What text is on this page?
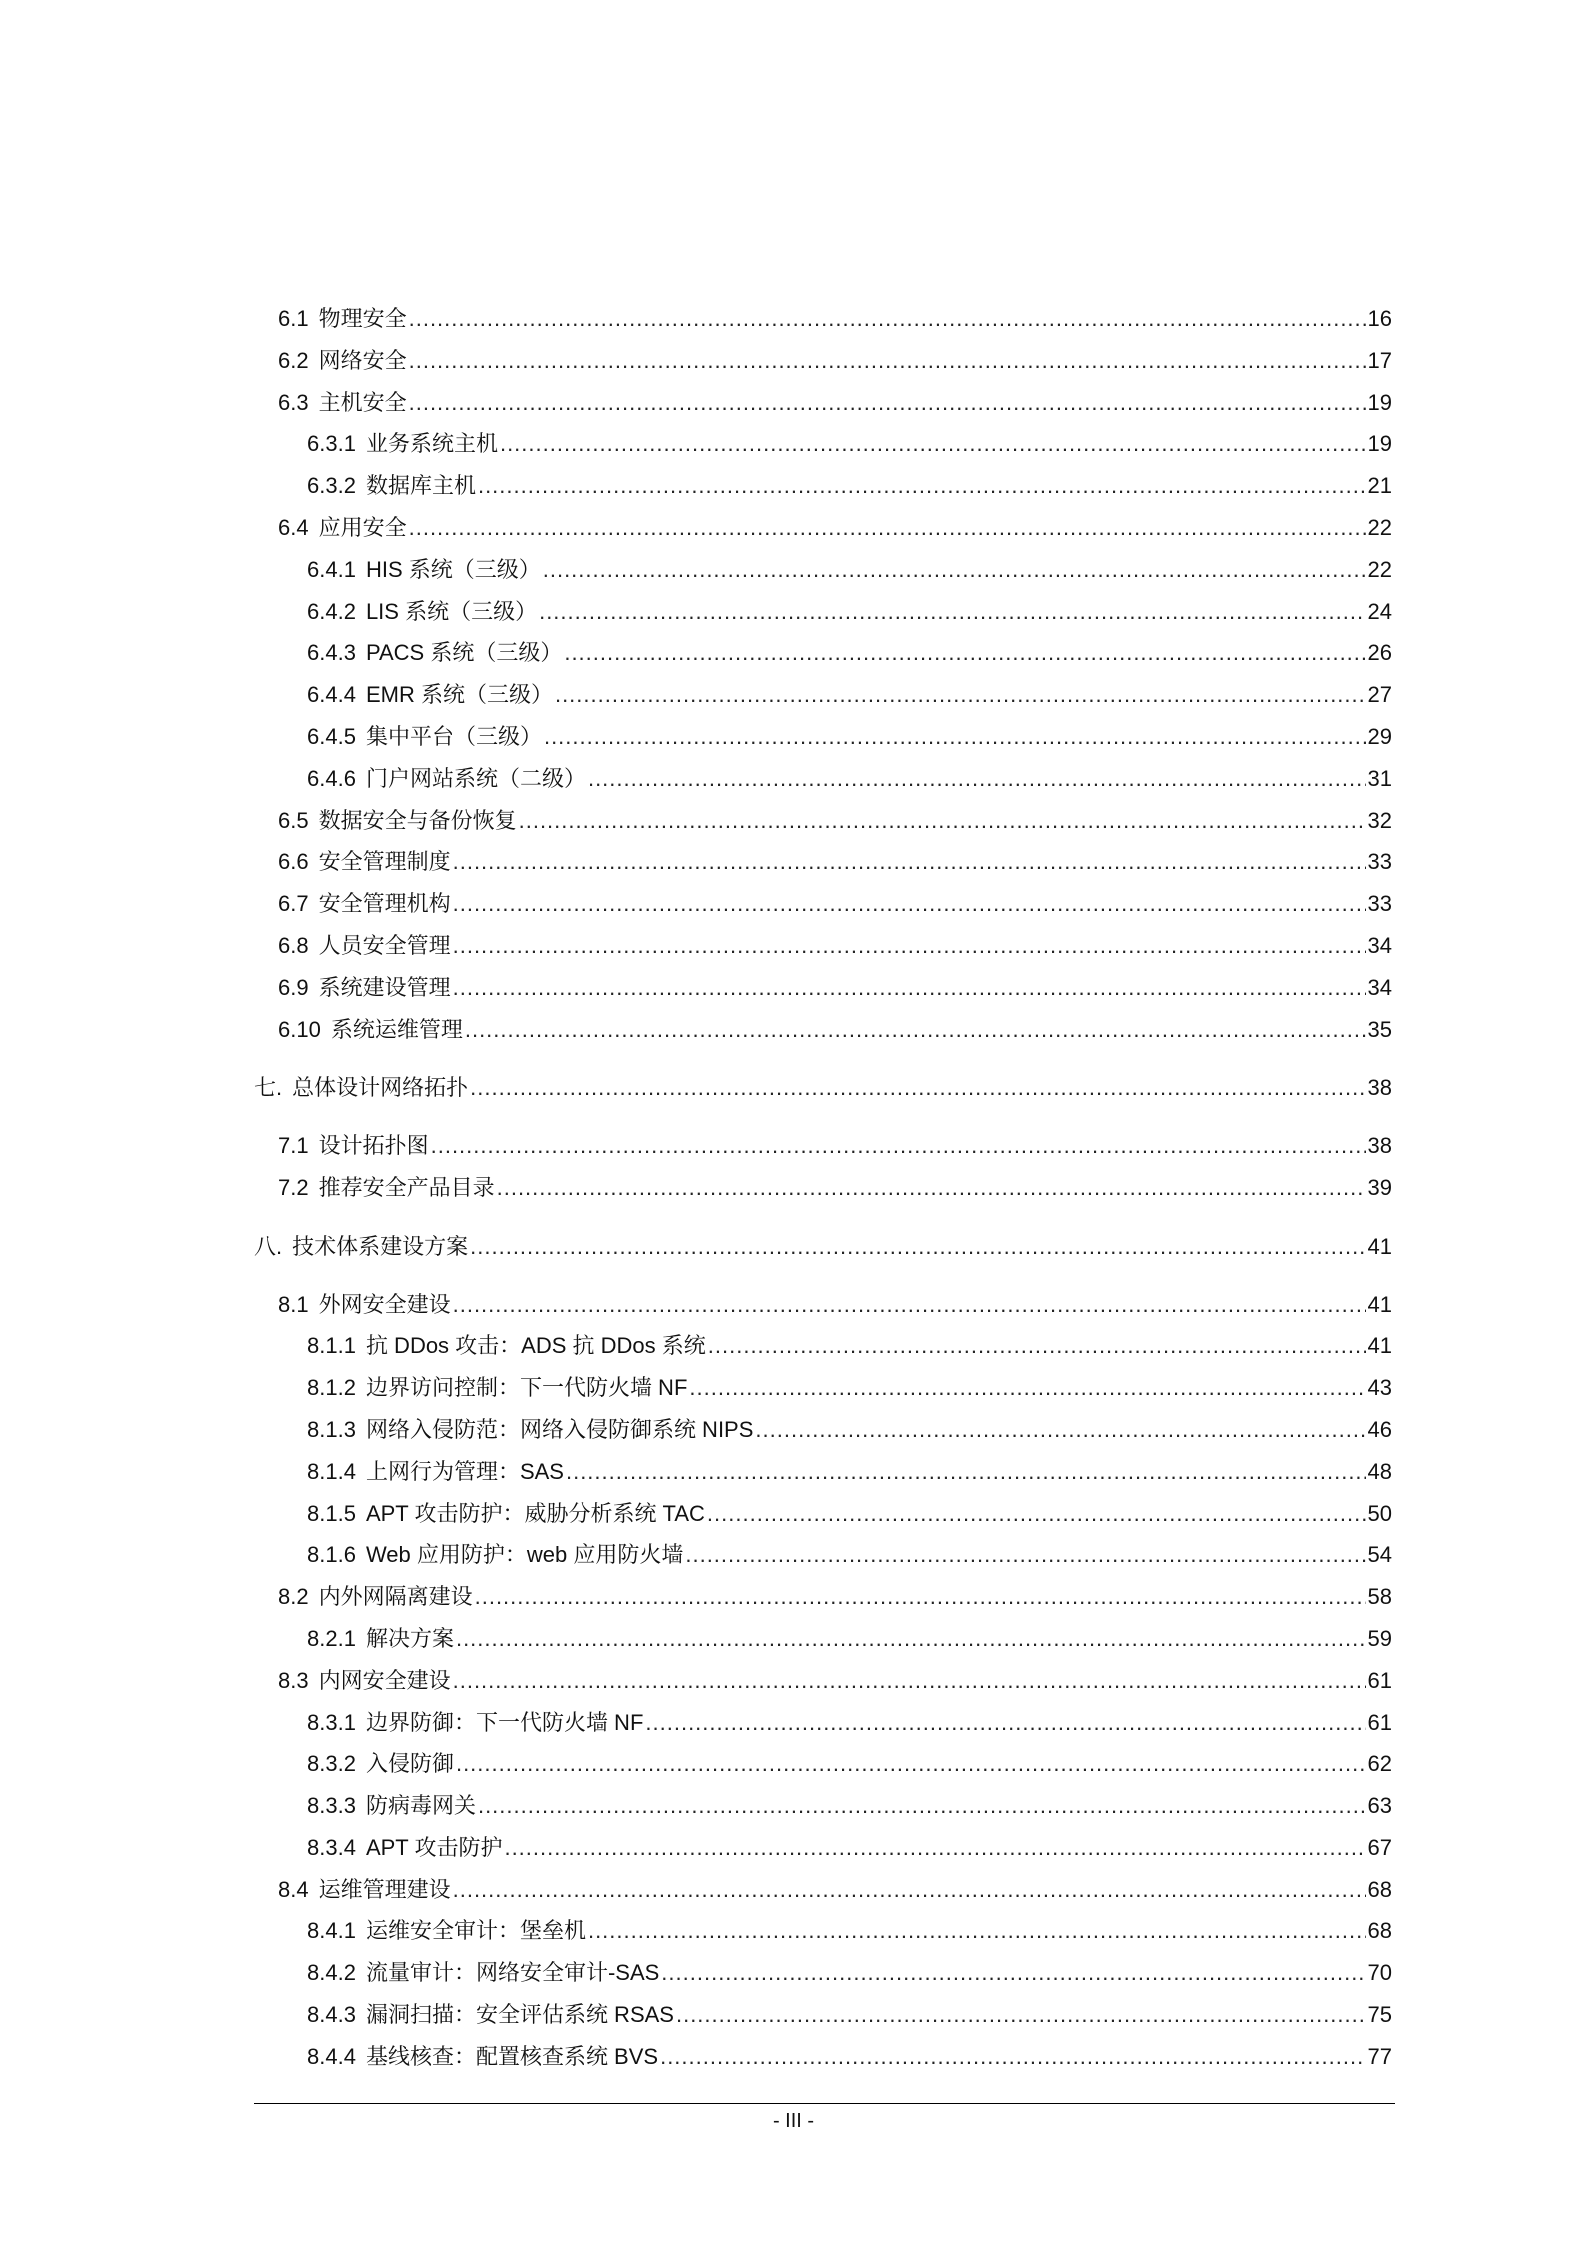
6.1 物理安全 .....	16
6.2 网络安全 .....	17
6.3 主机安全 .....	19
6.3.1 业务系统主机 .....	19
6.3.2 数据库主机 .....	21
6.4 应用安全 .....	22
6.4.1 HIS 系统（三级） .....	22
6.4.2 LIS 系统（三级） .....	24
6.4.3 PACS 系统（三级） .....	26
6.4.4 EMR 系统（三级） .....	27
6.4.5 集中平台（三级） .....	29
6.4.6 门户网站系统（二级） .....	31
6.5 数据安全与备份恢复 .....	32
6.6 安全管理制度 .....	33
6.7 安全管理机构 .....	33
6.8 人员安全管理 .....	34
6.9 系统建设管理 .....	34
6.10 系统运维管理 .....	35
七. 总体设计网络拓扑 .....	38
7.1 设计拓扑图 .....	38
7.2 推荐安全产品目录 .....	39
八. 技术体系建设方案 .....	41
8.1 外网安全建设 .....	41
8.1.1 抗 DDos 攻击：ADS 抗 DDos 系统 .....	41
8.1.2 边界访问控制：下一代防火墙 NF .....	43
8.1.3 网络入侵防范：网络入侵防御系统 NIPS .....	46
8.1.4 上网行为管理：SAS .....	48
8.1.5 APT 攻击防护：威胁分析系统 TAC .....	50
8.1.6 Web 应用防护：web 应用防火墙 .....	54
8.2 内外网隔离建设 .....	58
8.2.1 解决方案 .....	59
8.3 内网安全建设 .....	61
8.3.1 边界防御：下一代防火墙 NF .....	61
8.3.2 入侵防御 .....	62
8.3.3 防病毒网关 .....	63
8.3.4 APT 攻击防护 .....	67
8.4 运维管理建设 .....	68
8.4.1 运维安全审计：堡垒机 .....	68
8.4.2 流量审计：网络安全审计-SAS .....	70
8.4.3 漏洞扫描：安全评估系统 RSAS .....	75
8.4.4 基线核查：配置核查系统 BVS .....	77
- III -
